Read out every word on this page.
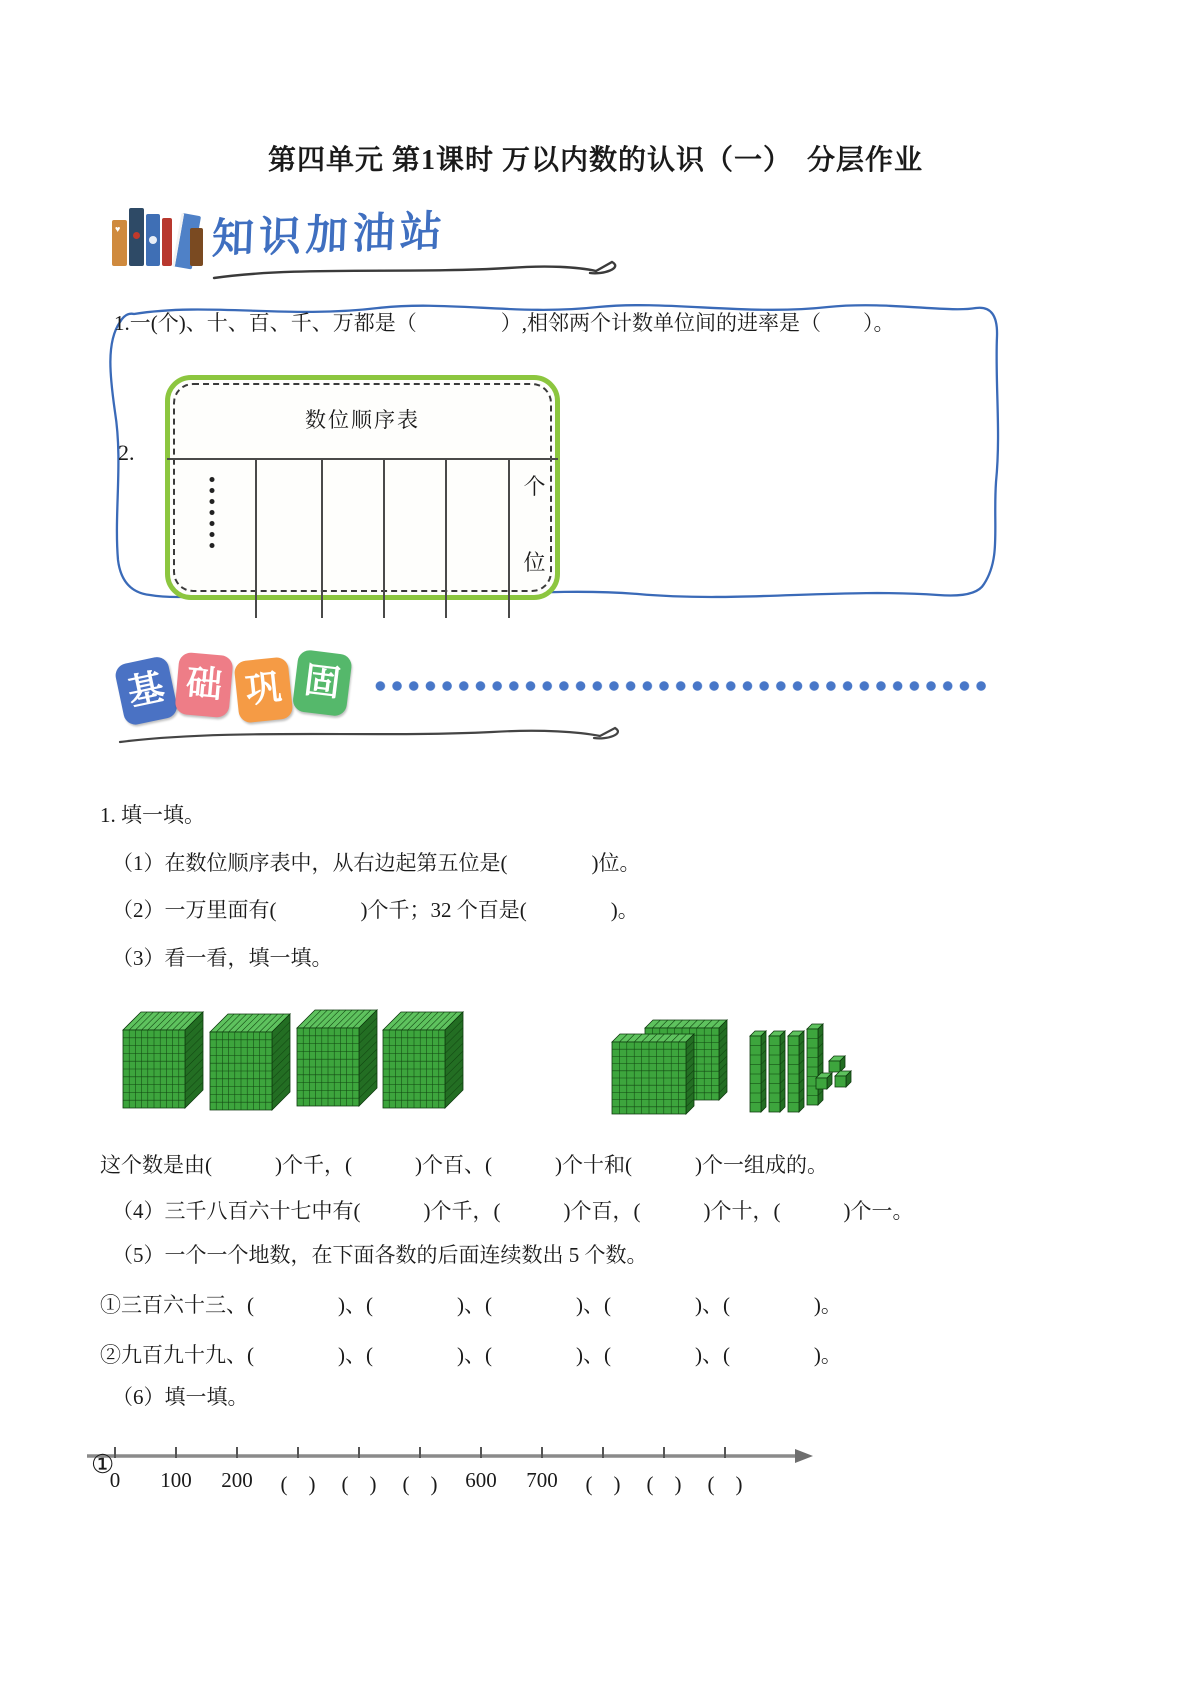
第四单元 第1课时 万以内数的认识（一）　分层作业
♥
知识加油站
1.一(个)、十、百、千、万都是（　　　　）,相邻两个计数单位间的进率是（　　）。
2.
数位顺序表
个
位
基 础 巩 固
1. 填一填。
（1）在数位顺序表中，从右边起第五位是(　　　　)位。
（2）一万里面有(　　　　)个千；32 个百是(　　　　)。
（3）看一看，填一填。
这个数是由(　　　)个千，(　　　)个百、(　　　)个十和(　　　)个一组成的。
（4）三千八百六十七中有(　　　)个千，(　　　)个百，(　　　)个十，(　　　)个一。
（5）一个一个地数，在下面各数的后面连续数出 5 个数。
①三百六十三、(　　　　)、(　　　　)、(　　　　)、(　　　　)、(　　　　)。
②九百九十九、(　　　　)、(　　　　)、(　　　　)、(　　　　)、(　　　　)。
（6）填一填。
①
0 100 200 (　) (　) (　) 600 700 (　) (　) (　)
